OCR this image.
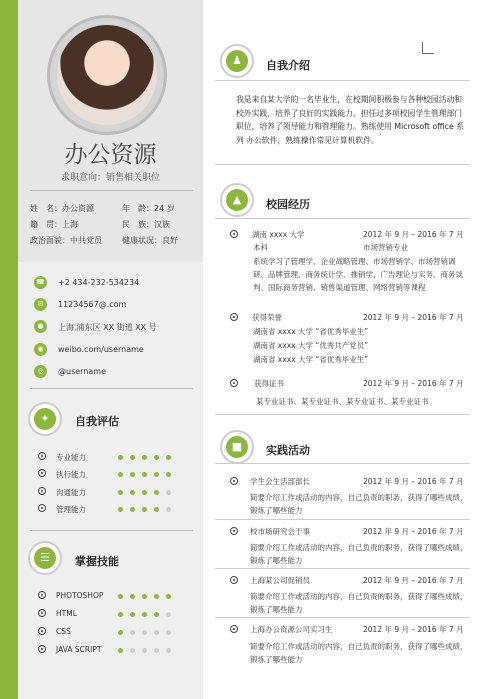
办公资源
求职意向：销售相关职位
姓　名：办公资源	年　龄：24 岁
籍　贯：上海	民　族：汉族
政治面貌：中共党员	健康状况：良好
☎ +2 434-232-534234
✉	11234567@.com
●	上海.浦东区 XX 街道 XX 号
◉	weibo.com/username
◎	@username
✦	自我评估
专业能力
执行能力
沟通能力
管理能力
☰	掌握技能
PHOTOSHOP
HTML
CSS
JAVA SCRIPT
♟	自我介绍
我是来自某大学的一名毕业生，在校期间积极参与各种校园活动和校外实践，培养了良好的实践能力。担任过多项校园学生管理部门职位，培养了领导能力和管理能力。熟练使用 Microsoft office 系列 办公软件，熟练操作常见计算机软件。
▲	校园经历
湖南 xxxx 大学	2012 年 9 月 – 2016 年 7 月
本科	市场营销专业
系统学习了管理学、企业战略管理、市场营销学、市场营销调研、品牌管理、商务统计学、推销学、广告理论与实务、商务谈判、国际商务营销、销售渠道管理、网络营销等课程
获得荣誉	2012 年 9 月 – 2016 年 7 月
湖南省 xxxx 大学 “省优秀毕业生”
湖南省 xxxx 大学 “优秀共产党员”
湖南省 xxxx 大学 “省优秀毕业生”
获得证书	2012 年 9 月 – 2016 年 7 月
某专业证书、某专业证书、某专业证书、某专业证书
■	实践活动
学生会生活部部长	2012 年 9 月 – 2016 年 7 月
简要介绍工作或活动的内容，自己负责的职务，获得了哪些成绩，锻炼了哪些能力
校市场研究会干事	2012 年 9 月 – 2016 年 7 月
简要介绍工作或活动的内容，自己负责的职务，获得了哪些成绩，锻炼了哪些能力
上海某公司促销员	2012 年 9 月 – 2016 年 7 月
简要介绍工作或活动的内容，自己负责的职务，获得了哪些成绩，锻炼了哪些能力
上海办公资源公司实习生	2012 年 9 月 – 2016 年 7 月
简要介绍工作或活动的内容，自己负责的职务，获得了哪些成绩，锻炼了哪些能力
